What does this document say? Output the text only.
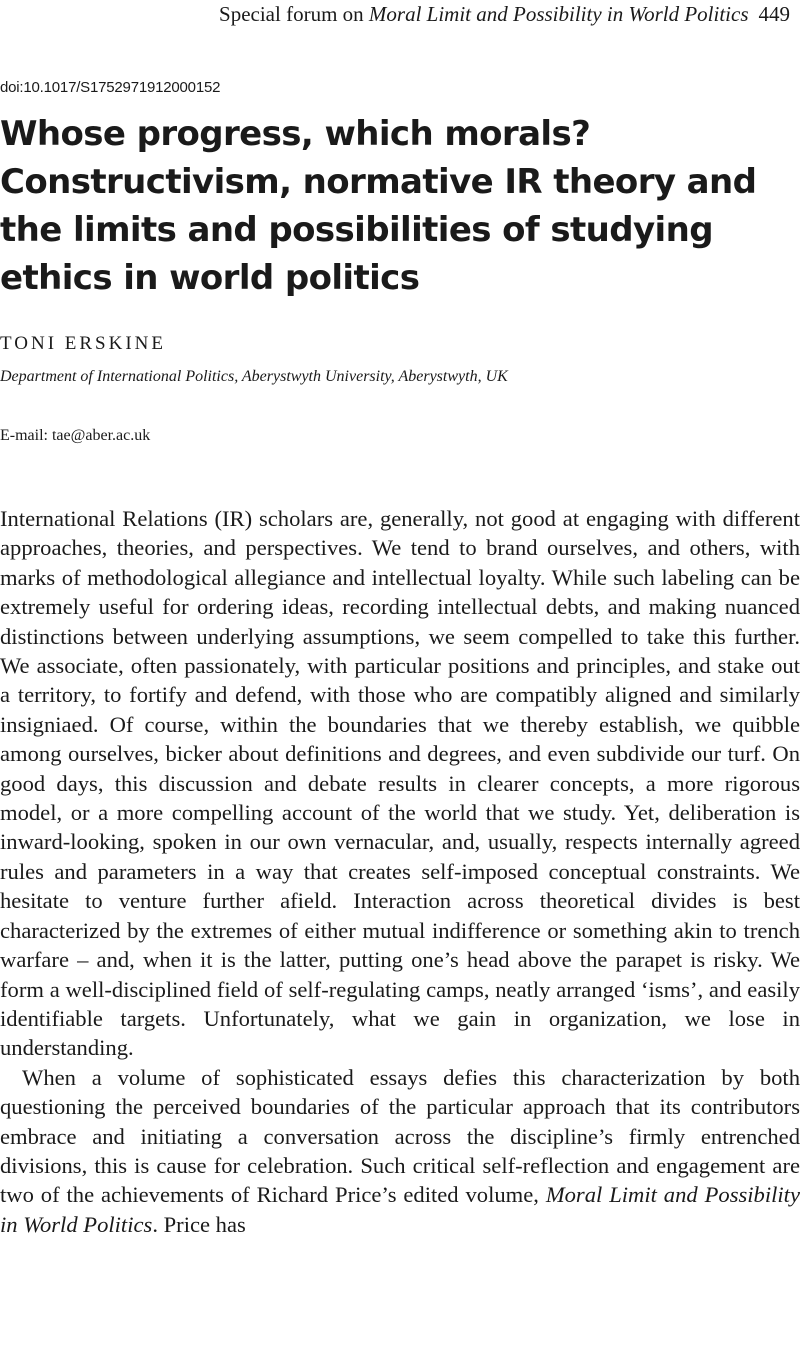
Special forum on Moral Limit and Possibility in World Politics 449
doi:10.1017/S1752971912000152
Whose progress, which morals? Constructivism, normative IR theory and the limits and possibilities of studying ethics in world politics
TONI ERSKINE
Department of International Politics, Aberystwyth University, Aberystwyth, UK
E-mail: tae@aber.ac.uk

International Relations (IR) scholars are, generally, not good at engaging with different approaches, theories, and perspectives. We tend to brand ourselves, and others, with marks of methodological allegiance and intellectual loyalty. While such labeling can be extremely useful for ordering ideas, recording intellectual debts, and making nuanced distinctions between underlying assumptions, we seem compelled to take this further. We associate, often passionately, with particular positions and principles, and stake out a territory, to fortify and defend, with those who are compatibly aligned and similarly insigniaed. Of course, within the boundaries that we thereby establish, we quibble among ourselves, bicker about definitions and degrees, and even subdivide our turf. On good days, this discussion and debate results in clearer concepts, a more rigorous model, or a more compelling account of the world that we study. Yet, deliberation is inward-looking, spoken in our own vernacular, and, usually, respects internally agreed rules and parameters in a way that creates self-imposed conceptual constraints. We hesitate to venture further afield. Interaction across theoretical divides is best characterized by the extremes of either mutual indifference or something akin to trench warfare – and, when it is the latter, putting one’s head above the parapet is risky. We form a well-disciplined field of self-regulating camps, neatly arranged ‘isms’, and easily identifiable targets. Unfortunately, what we gain in organization, we lose in understanding.

When a volume of sophisticated essays defies this characterization by both questioning the perceived boundaries of the particular approach that its contributors embrace and initiating a conversation across the discipline’s firmly entrenched divisions, this is cause for celebration. Such critical self-reflection and engagement are two of the achievements of Richard Price’s edited volume, Moral Limit and Possibility in World Politics. Price has
